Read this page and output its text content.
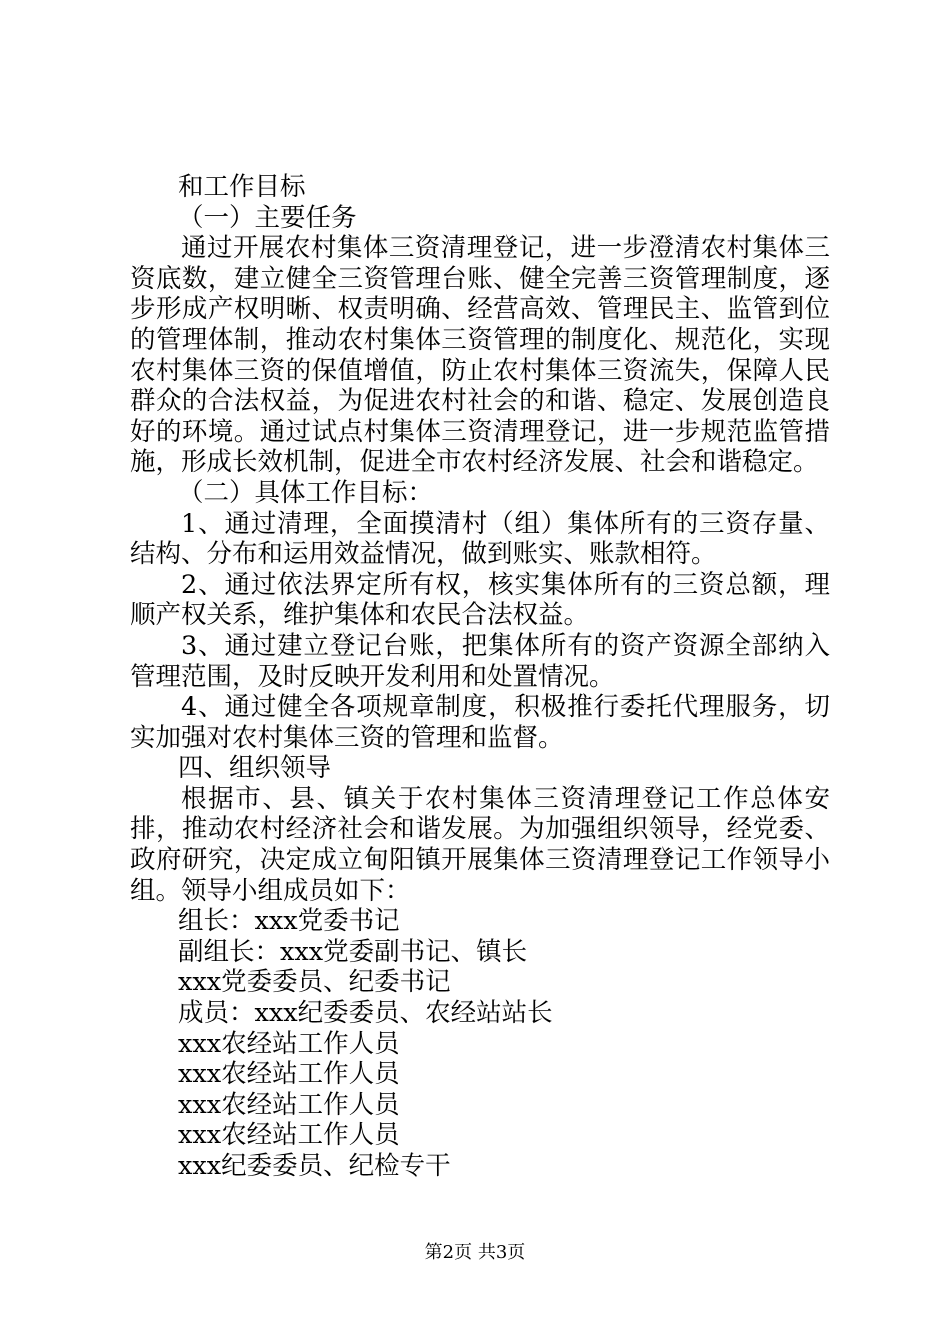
和工作目标

（一）主要任务

通过开展农村集体三资清理登记，进一步澄清农村集体三资底数，建立健全三资管理台账、健全完善三资管理制度，逐步形成产权明晰、权责明确、经营高效、管理民主、监管到位的管理体制，推动农村集体三资管理的制度化、规范化，实现农村集体三资的保值增值，防止农村集体三资流失，保障人民群众的合法权益，为促进农村社会的和谐、稳定、发展创造良好的环境。通过试点村集体三资清理登记，进一步规范监管措施，形成长效机制，促进全市农村经济发展、社会和谐稳定。

（二）具体工作目标：

1、通过清理，全面摸清村（组）集体所有的三资存量、结构、分布和运用效益情况，做到账实、账款相符。

2、通过依法界定所有权，核实集体所有的三资总额，理顺产权关系，维护集体和农民合法权益。

3、通过建立登记台账，把集体所有的资产资源全部纳入管理范围，及时反映开发利用和处置情况。

4、通过健全各项规章制度，积极推行委托代理服务，切实加强对农村集体三资的管理和监督。

四、组织领导

根据市、县、镇关于农村集体三资清理登记工作总体安排，推动农村经济社会和谐发展。为加强组织领导，经党委、政府研究，决定成立甸阳镇开展集体三资清理登记工作领导小组。领导小组成员如下：

组长：xxx党委书记

副组长：xxx党委副书记、镇长

xxx党委委员、纪委书记

成员：xxx纪委委员、农经站站长

xxx农经站工作人员

xxx农经站工作人员

xxx农经站工作人员

xxx农经站工作人员

xxx纪委委员、纪检专干

第2页 共3页
